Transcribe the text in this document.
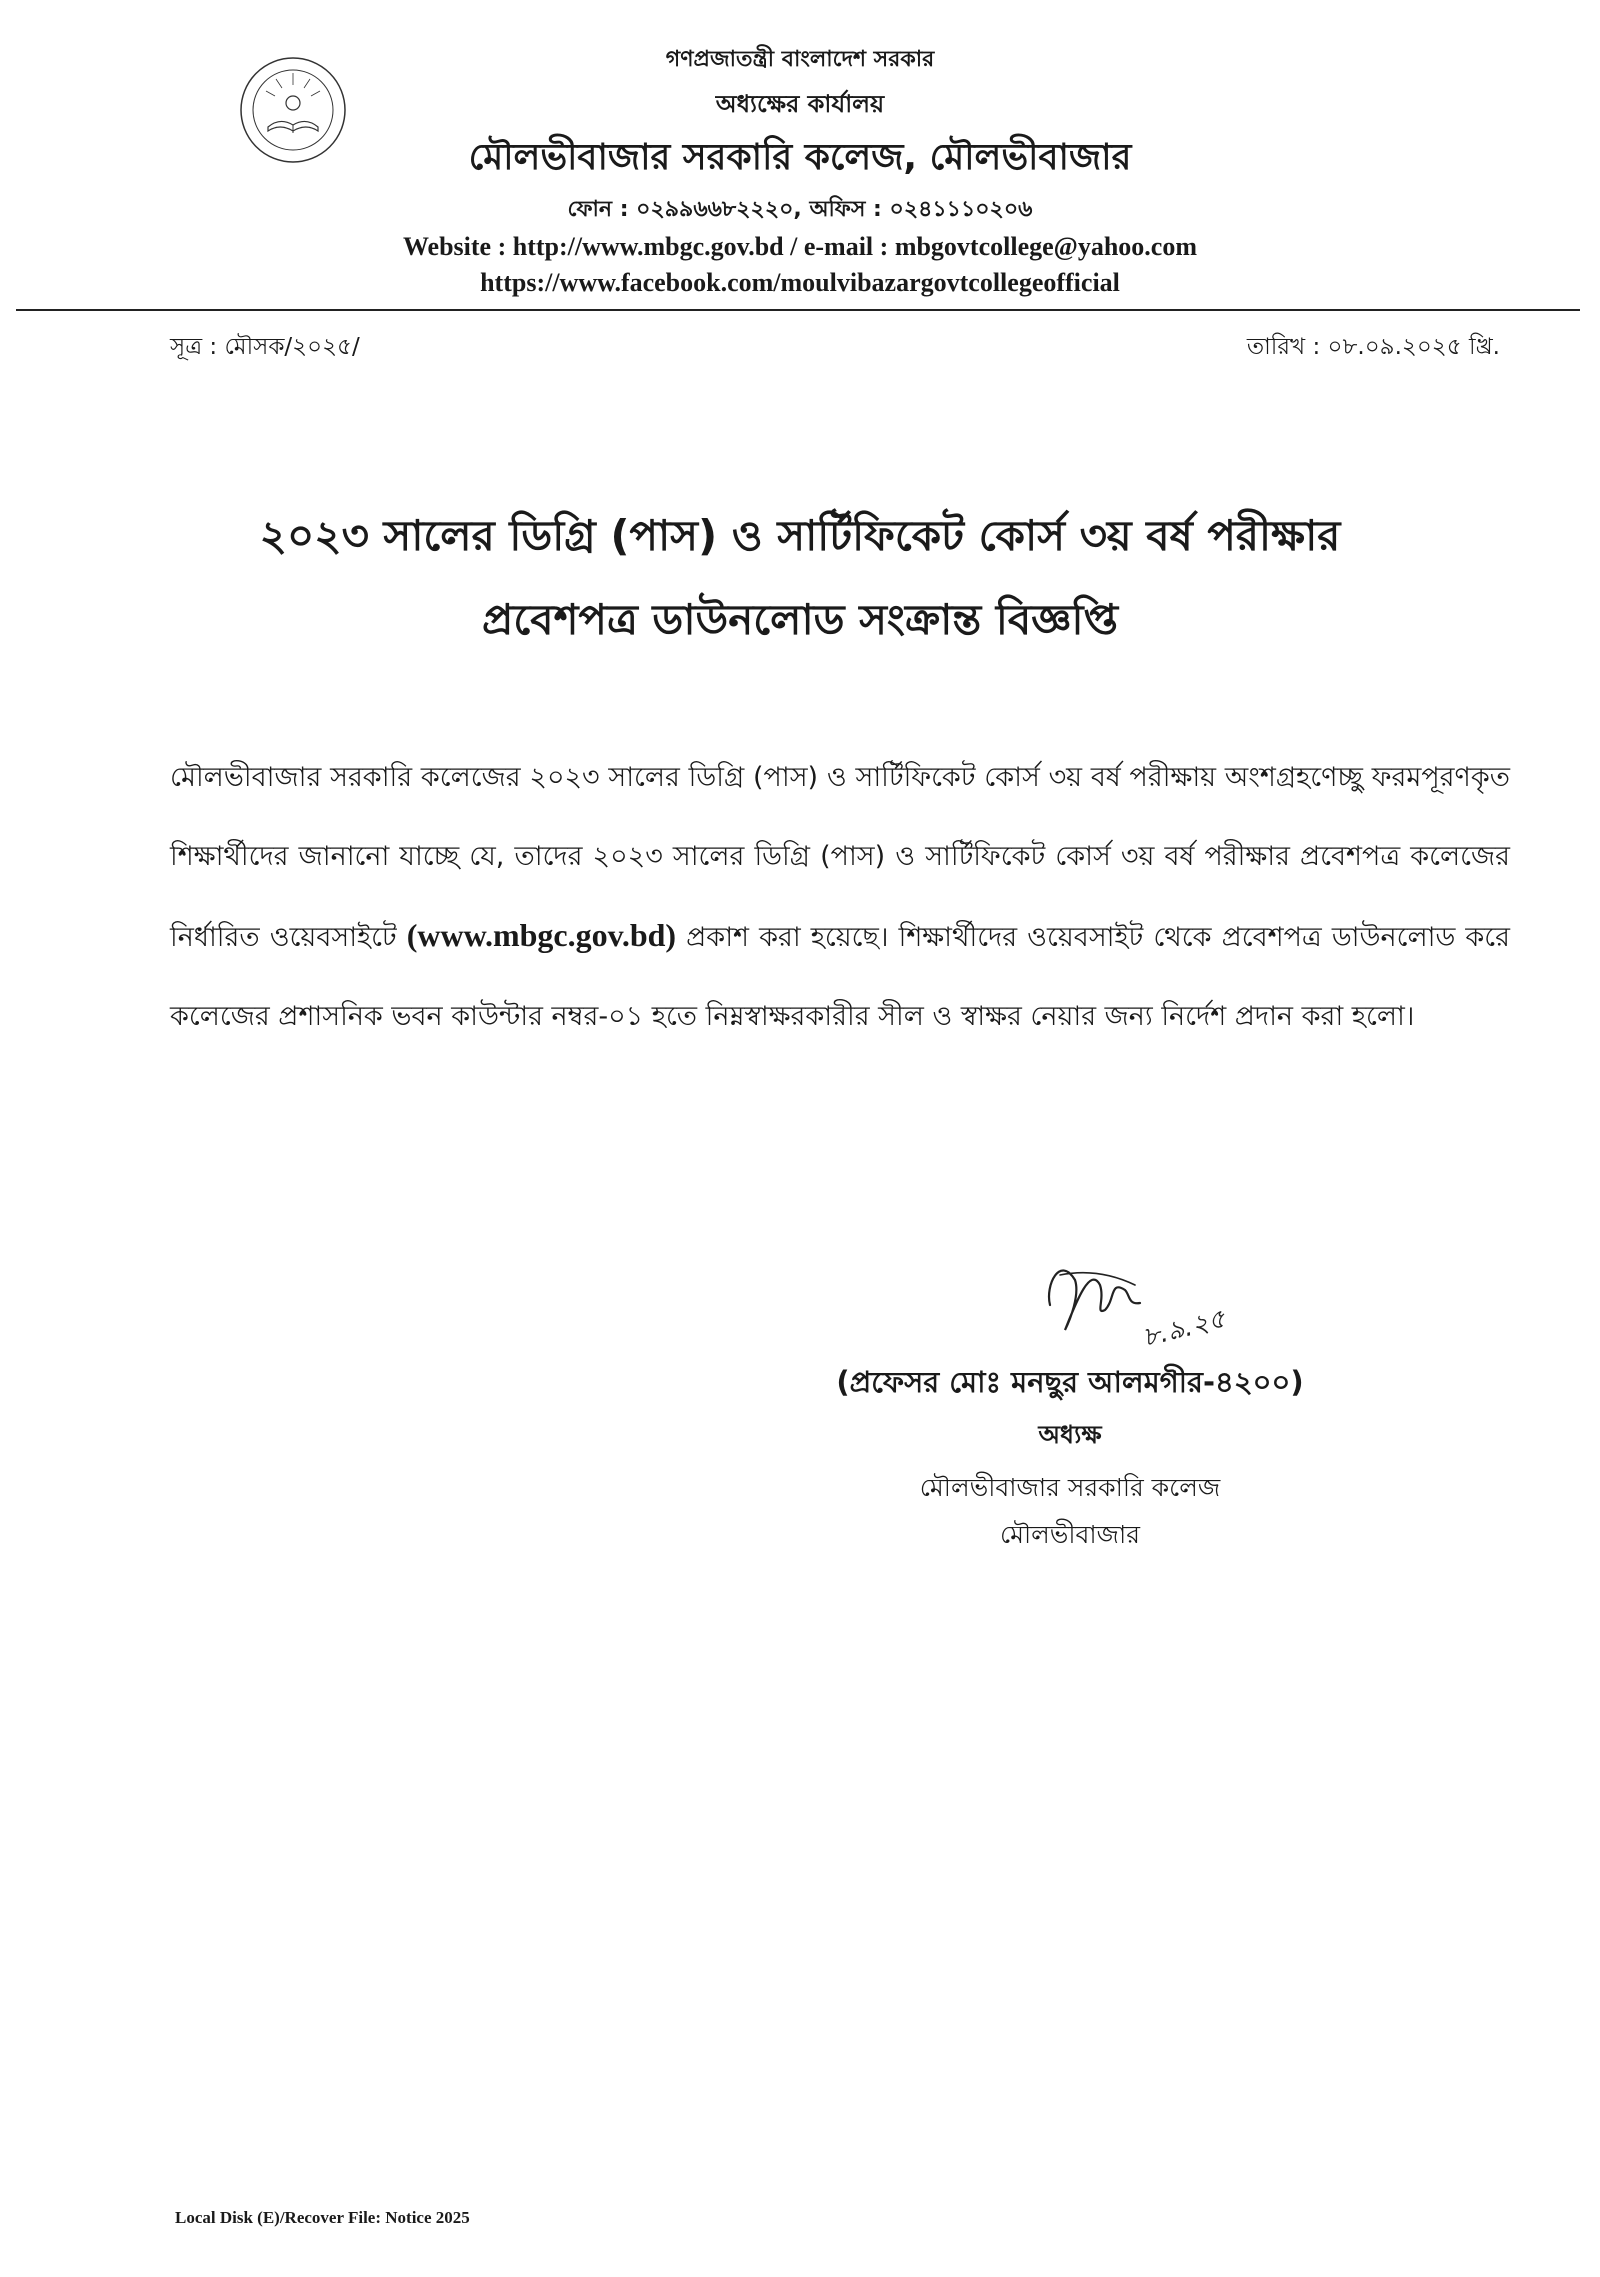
গণপ্রজাতন্ত্রী বাংলাদেশ সরকার
অধ্যক্ষের কার্যালয়
মৌলভীবাজার সরকারি কলেজ, মৌলভীবাজার
ফোন : ০২৯৯৬৬৮২২২০, অফিস : ০২৪১১১০২০৬
Website : http://www.mbgc.gov.bd / e-mail : mbgovtcollege@yahoo.com
https://www.facebook.com/moulvibazargovtcollegeofficial
সূত্র : মৌসক/২০২৫/	তারিখ : ০৮.০৯.২০২৫ খ্রি.
২০২৩ সালের ডিগ্রি (পাস) ও সার্টিফিকেট কোর্স ৩য় বর্ষ পরীক্ষার
প্রবেশপত্র ডাউনলোড সংক্রান্ত বিজ্ঞপ্তি
মৌলভীবাজার সরকারি কলেজের ২০২৩ সালের ডিগ্রি (পাস) ও সার্টিফিকেট কোর্স ৩য় বর্ষ পরীক্ষায় অংশগ্রহণেচ্ছু ফরমপূরণকৃত শিক্ষার্থীদের জানানো যাচ্ছে যে, তাদের ২০২৩ সালের ডিগ্রি (পাস) ও সার্টিফিকেট কোর্স ৩য় বর্ষ পরীক্ষার প্রবেশপত্র কলেজের নির্ধারিত ওয়েবসাইটে (www.mbgc.gov.bd) প্রকাশ করা হয়েছে। শিক্ষার্থীদের ওয়েবসাইট থেকে প্রবেশপত্র ডাউনলোড করে কলেজের প্রশাসনিক ভবন কাউন্টার নম্বর-০১ হতে নিম্নস্বাক্ষরকারীর সীল ও স্বাক্ষর নেয়ার জন্য নির্দেশ প্রদান করা হলো।
৮.৯.২৫
(প্রফেসর মোঃ মনছুর আলমগীর-৪২০০)
অধ্যক্ষ
মৌলভীবাজার সরকারি কলেজ
মৌলভীবাজার
Local Disk (E)/Recover File: Notice 2025
